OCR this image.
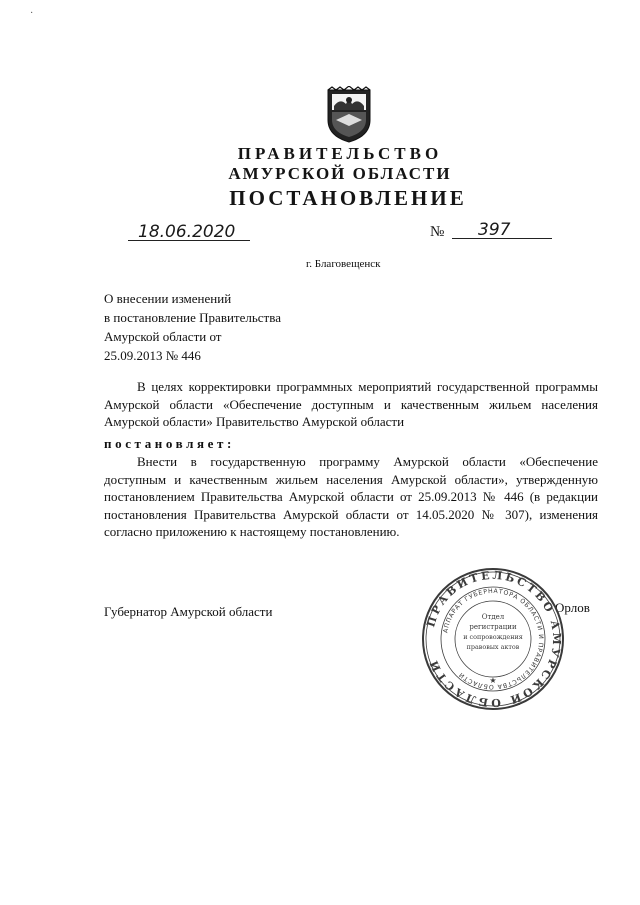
·
ПРАВИТЕЛЬСТВО
АМУРСКОЙ ОБЛАСТИ
ПОСТАНОВЛЕНИЕ
18.06.2020	№ 397
г. Благовещенск
О внесении изменений
в постановление Правительства
Амурской области от
25.09.2013 № 446
В целях корректировки программных мероприятий государственной программы Амурской области «Обеспечение доступным и качественным жильем населения Амурской области» Правительство Амурской области
постановляет:
Внести в государственную программу Амурской области «Обеспечение доступным и качественным жильем населения Амурской области», утвержденную постановлением Правительства Амурской области от 25.09.2013 № 446 (в редакции постановления Правительства Амурской области от 14.05.2020 № 307), изменения согласно приложению к настоящему постановлению.
Губернатор Амурской области	Орлов
ПРАВИТЕЛЬСТВО АМУРСКОЙ ОБЛАСТИ
АППАРАТ ГУБЕРНАТОРА ОБЛАСТИ И ПРАВИТЕЛЬСТВА ОБЛАСТИ
Отдел
регистрации
и сопровождения
правовых актов
★
